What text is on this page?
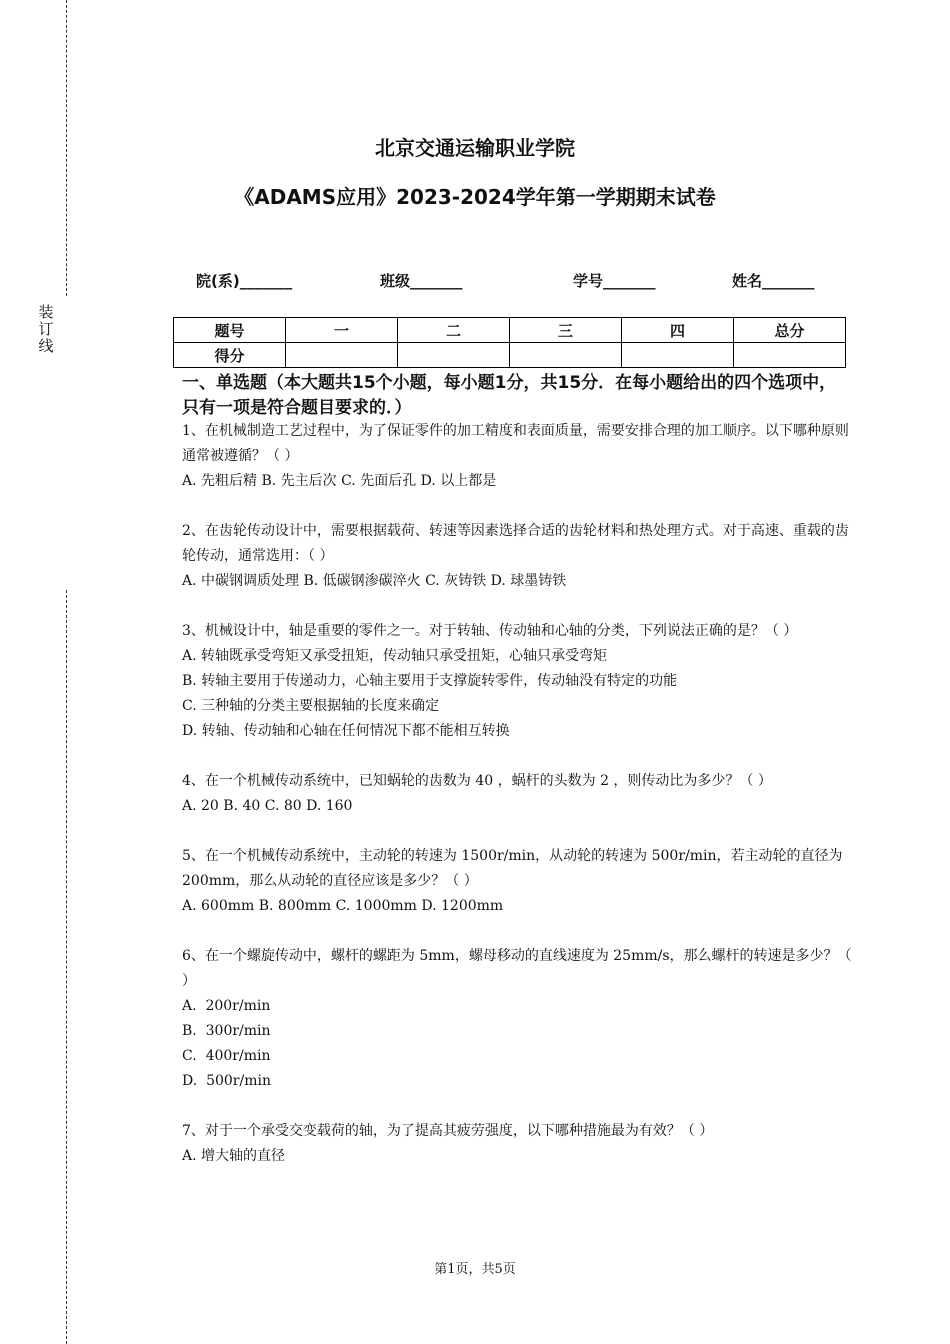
装订线
北京交通运输职业学院
《ADAMS应用》2023-2024学年第一学期期末试卷
院(系)_______	班级_______	学号_______	姓名_______
题号	一	二	三	四	总分
得分					
一、单选题（本大题共15个小题，每小题1分，共15分．在每小题给出的四个选项中，只有一项是符合题目要求的．）

1、在机械制造工艺过程中，为了保证零件的加工精度和表面质量，需要安排合理的加工顺序。以下哪种原则通常被遵循？（ ）

A. 先粗后精 B. 先主后次 C. 先面后孔 D. 以上都是

2、在齿轮传动设计中，需要根据载荷、转速等因素选择合适的齿轮材料和热处理方式。对于高速、重载的齿轮传动，通常选用：（ ）

A. 中碳钢调质处理 B. 低碳钢渗碳淬火 C. 灰铸铁 D. 球墨铸铁

3、机械设计中，轴是重要的零件之一。对于转轴、传动轴和心轴的分类，下列说法正确的是？（ ）

A. 转轴既承受弯矩又承受扭矩，传动轴只承受扭矩，心轴只承受弯矩

B. 转轴主要用于传递动力，心轴主要用于支撑旋转零件，传动轴没有特定的功能

C. 三种轴的分类主要根据轴的长度来确定

D. 转轴、传动轴和心轴在任何情况下都不能相互转换

4、在一个机械传动系统中，已知蜗轮的齿数为 40 ，蜗杆的头数为 2 ，则传动比为多少？（ ）

A. 20 B. 40 C. 80 D. 160

5、在一个机械传动系统中，主动轮的转速为 1500r/min，从动轮的转速为 500r/min，若主动轮的直径为 200mm，那么从动轮的直径应该是多少？（ ）

A. 600mm B. 800mm C. 1000mm D. 1200mm

6、在一个螺旋传动中，螺杆的螺距为 5mm，螺母移动的直线速度为 25mm/s，那么螺杆的转速是多少？（ ）

A.  200r/min

B.  300r/min

C.  400r/min

D.  500r/min

7、对于一个承受交变载荷的轴，为了提高其疲劳强度，以下哪种措施最为有效？（ ）

A. 增大轴的直径

第1页，共5页
